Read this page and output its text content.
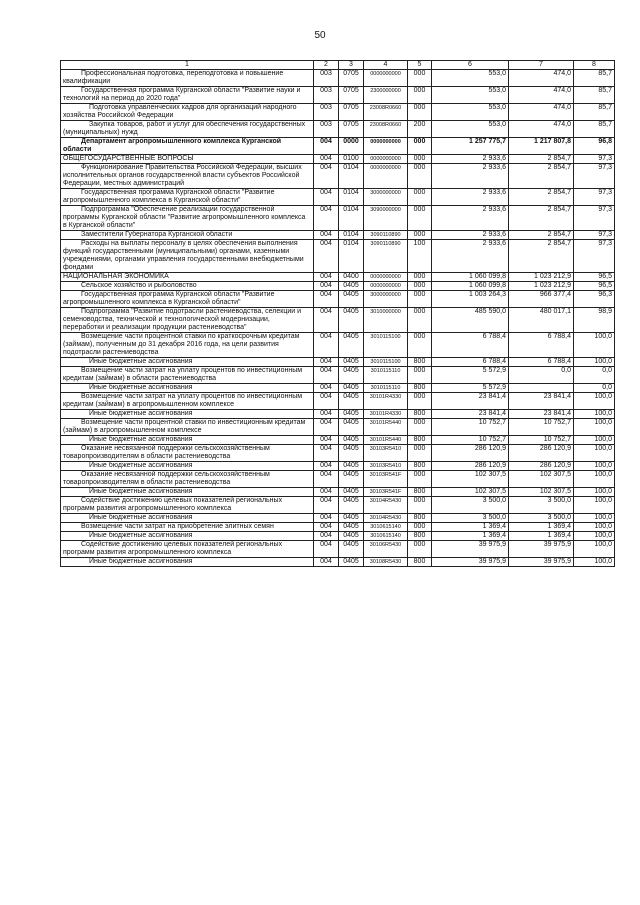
50
1	2	3	4	5	6	7	8
Профессиональная подготовка, переподготовка и повышение квалификации	003	0705	0000000000	000	553,0	474,0	85,7
Государственная программа Курганской области "Развитие науки и технологий на период до 2020 года"	003	0705	2300000000	000	553,0	474,0	85,7
Подготовка управленческих кадров для организаций народного хозяйства Российской Федерации	003	0705	23008R0660	000	553,0	474,0	85,7
Закупка товаров, работ и услуг для обеспечения государственных (муниципальных) нужд	003	0705	23008R0660	200	553,0	474,0	85,7
Департамент агропромышленного комплекса Курганской области	004	0000	0000000000	000	1 257 775,7	1 217 807,8	96,8
ОБЩЕГОСУДАРСТВЕННЫЕ ВОПРОСЫ	004	0100	0000000000	000	2 933,6	2 854,7	97,3
Функционирование Правительства Российской Федерации, высших исполнительных органов государственной власти субъектов Российской Федерации, местных администраций	004	0104	0000000000	000	2 933,6	2 854,7	97,3
Государственная программа Курганской области "Развитие агропромышленного комплекса в Курганской области"	004	0104	3000000000	000	2 933,6	2 854,7	97,3
Подпрограмма "Обеспечение реализации государственной программы Курганской области "Развитие агропромышленного комплекса в Курганской области"	004	0104	3090000000	000	2 933,6	2 854,7	97,3
Заместители Губернатора Курганской области	004	0104	3090110890	000	2 933,6	2 854,7	97,3
Расходы на выплаты персоналу в целях обеспечения выполнения функций государственными (муниципальными) органами, казенными учреждениями, органами управления государственными внебюджетными фондами	004	0104	3090110890	100	2 933,6	2 854,7	97,3
НАЦИОНАЛЬНАЯ ЭКОНОМИКА	004	0400	0000000000	000	1 060 099,8	1 023 212,9	96,5
Сельское хозяйство и рыболовство	004	0405	0000000000	000	1 060 099,8	1 023 212,9	96,5
Государственная программа Курганской области "Развитие агропромышленного комплекса в Курганской области"	004	0405	3000000000	000	1 003 264,3	966 377,4	96,3
Подпрограмма "Развитие подотрасли растениеводства, селекции и семеноводства, технической и технологической модернизации, переработки и реализации продукции растениеводства"	004	0405	3010000000	000	485 590,0	480 017,1	98,9
Возмещение части процентной ставки по краткосрочным кредитам (займам), полученным до 31 декабря 2016 года, на цели развития подотрасли растениеводства	004	0405	3010115100	000	6 788,4	6 788,4	100,0
Иные бюджетные ассигнования	004	0405	3010115100	800	6 788,4	6 788,4	100,0
Возмещение части затрат на уплату процентов по инвестиционным кредитам (займам) в области растениеводства	004	0405	3010115110	000	5 572,9	0,0	0,0
Иные бюджетные ассигнования	004	0405	3010115110	800	5 572,9		0,0
Возмещение части затрат на уплату процентов по инвестиционным кредитам (займам) в агропромышленном комплексе	004	0405	30101R4330	000	23 841,4	23 841,4	100,0
Иные бюджетные ассигнования	004	0405	30101R4330	800	23 841,4	23 841,4	100,0
Возмещение части процентной ставки по инвестиционным кредитам (займам) в агропромышленном комплексе	004	0405	30101R5440	000	10 752,7	10 752,7	100,0
Иные бюджетные ассигнования	004	0405	30101R5440	800	10 752,7	10 752,7	100,0
Оказание несвязанной поддержки сельскохозяйственным товаропроизводителям в области растениеводства	004	0405	30103R5410	000	286 120,9	286 120,9	100,0
Иные бюджетные ассигнования	004	0405	30103R5410	800	286 120,9	286 120,9	100,0
Оказание несвязанной поддержки сельскохозяйственным товаропроизводителям в области растениеводства	004	0405	30103R541F	000	102 307,5	102 307,5	100,0
Иные бюджетные ассигнования	004	0405	30103R541F	800	102 307,5	102 307,5	100,0
Содействие достижению целевых показателей региональных программ развития агропромышленного комплекса	004	0405	30104R5430	000	3 500,0	3 500,0	100,0
Иные бюджетные ассигнования	004	0405	30104R5430	800	3 500,0	3 500,0	100,0
Возмещение части затрат на приобретение элитных семян	004	0405	3010615140	000	1 369,4	1 369,4	100,0
Иные бюджетные ассигнования	004	0405	3010615140	800	1 369,4	1 369,4	100,0
Содействие достижению целевых показателей региональных программ развития агропромышленного комплекса	004	0405	30106R5430	000	39 975,9	39 975,9	100,0
Иные бюджетные ассигнования	004	0405	30108R5430	800	39 975,9	39 975,9	100,0
